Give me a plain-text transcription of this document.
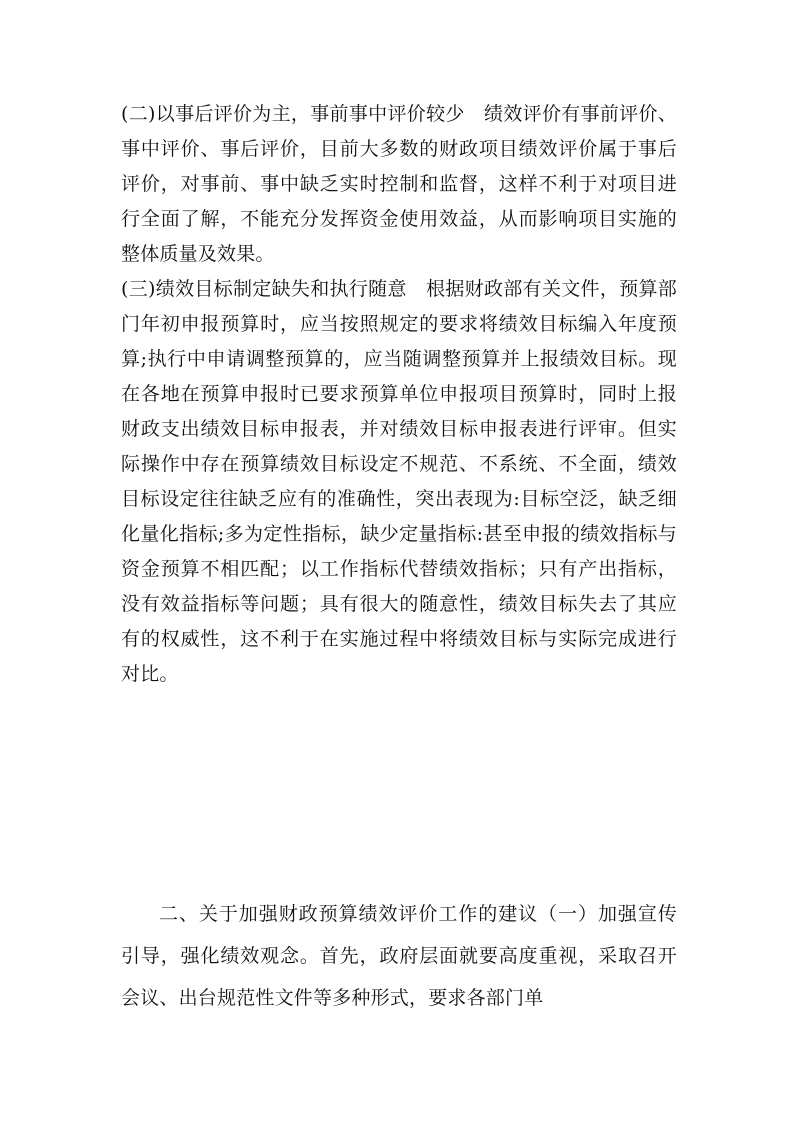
(二)以事后评价为主，事前事中评价较少　绩效评价有事前评价、事中评价、事后评价，目前大多数的财政项目绩效评价属于事后评价，对事前、事中缺乏实时控制和监督，这样不利于对项目进行全面了解，不能充分发挥资金使用效益，从而影响项目实施的整体质量及效果。

(三)绩效目标制定缺失和执行随意　根据财政部有关文件，预算部门年初申报预算时，应当按照规定的要求将绩效目标编入年度预算;执行中申请调整预算的，应当随调整预算并上报绩效目标。现在各地在预算申报时已要求预算单位申报项目预算时，同时上报财政支出绩效目标申报表，并对绩效目标申报表进行评审。但实际操作中存在预算绩效目标设定不规范、不系统、不全面，绩效目标设定往往缺乏应有的准确性，突出表现为:目标空泛，缺乏细化量化指标;多为定性指标，缺少定量指标:甚至申报的绩效指标与资金预算不相匹配；以工作指标代替绩效指标；只有产出指标，没有效益指标等问题；具有很大的随意性，绩效目标失去了其应有的权威性，这不利于在实施过程中将绩效目标与实际完成进行对比。

二、关于加强财政预算绩效评价工作的建议（一）加强宣传引导，强化绩效观念。首先，政府层面就要高度重视，采取召开会议、出台规范性文件等多种形式，要求各部门单
